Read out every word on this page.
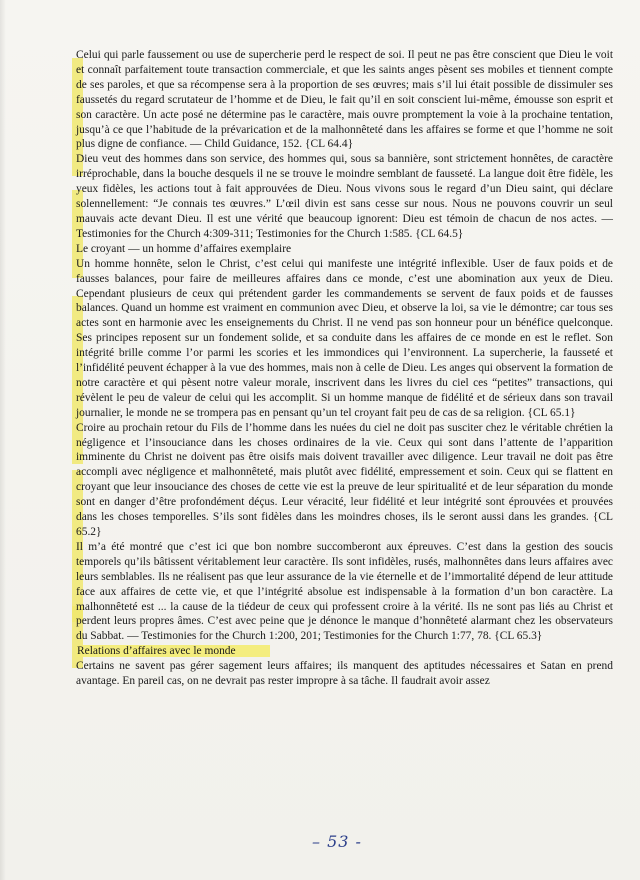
Celui qui parle faussement ou use de supercherie perd le respect de soi. Il peut ne pas être conscient que Dieu le voit et connaît parfaitement toute transaction commerciale, et que les saints anges pèsent ses mobiles et tiennent compte de ses paroles, et que sa récompense sera à la proportion de ses œuvres; mais s’il lui était possible de dissimuler ses faussetés du regard scrutateur de l’homme et de Dieu, le fait qu’il en soit conscient lui-même, émousse son esprit et son caractère. Un acte posé ne détermine pas le caractère, mais ouvre promptement la voie à la prochaine tentation, jusqu’à ce que l’habitude de la prévarication et de la malhonnêteté dans les affaires se forme et que l’homme ne soit plus digne de confiance. — Child Guidance, 152. {CL 64.4}

Dieu veut des hommes dans son service, des hommes qui, sous sa bannière, sont strictement honnêtes, de caractère irréprochable, dans la bouche desquels il ne se trouve le moindre semblant de fausseté. La langue doit être fidèle, les yeux fidèles, les actions tout à fait approuvées de Dieu. Nous vivons sous le regard d’un Dieu saint, qui déclare solennellement: “Je connais tes œuvres.” L’œil divin est sans cesse sur nous. Nous ne pouvons couvrir un seul mauvais acte devant Dieu. Il est une vérité que beaucoup ignorent: Dieu est témoin de chacun de nos actes. — Testimonies for the Church 4:309-311; Testimonies for the Church 1:585. {CL 64.5}

Le croyant — un homme d’affaires exemplaire

Un homme honnête, selon le Christ, c’est celui qui manifeste une intégrité inflexible. User de faux poids et de fausses balances, pour faire de meilleures affaires dans ce monde, c’est une abomination aux yeux de Dieu. Cependant plusieurs de ceux qui prétendent garder les commandements se servent de faux poids et de fausses balances. Quand un homme est vraiment en communion avec Dieu, et observe la loi, sa vie le démontre; car tous ses actes sont en harmonie avec les enseignements du Christ. Il ne vend pas son honneur pour un bénéfice quelconque. Ses principes reposent sur un fondement solide, et sa conduite dans les affaires de ce monde en est le reflet. Son intégrité brille comme l’or parmi les scories et les immondices qui l’environnent. La supercherie, la fausseté et l’infidélité peuvent échapper à la vue des hommes, mais non à celle de Dieu. Les anges qui observent la formation de notre caractère et qui pèsent notre valeur morale, inscrivent dans les livres du ciel ces “petites” transactions, qui révèlent le peu de valeur de celui qui les accomplit. Si un homme manque de fidélité et de sérieux dans son travail journalier, le monde ne se trompera pas en pensant qu’un tel croyant fait peu de cas de sa religion. {CL 65.1}

Croire au prochain retour du Fils de l’homme dans les nuées du ciel ne doit pas susciter chez le véritable chrétien la négligence et l’insouciance dans les choses ordinaires de la vie. Ceux qui sont dans l’attente de l’apparition imminente du Christ ne doivent pas être oisifs mais doivent travailler avec diligence. Leur travail ne doit pas être accompli avec négligence et malhonnêteté, mais plutôt avec fidélité, empressement et soin. Ceux qui se flattent en croyant que leur insouciance des choses de cette vie est la preuve de leur spiritualité et de leur séparation du monde sont en danger d’être profondément déçus. Leur véracité, leur fidélité et leur intégrité sont éprouvées et prouvées dans les choses temporelles. S’ils sont fidèles dans les moindres choses, ils le seront aussi dans les grandes. {CL 65.2}

Il m’a été montré que c’est ici que bon nombre succomberont aux épreuves. C’est dans la gestion des soucis temporels qu’ils bâtissent véritablement leur caractère. Ils sont infidèles, rusés, malhonnêtes dans leurs affaires avec leurs semblables. Ils ne réalisent pas que leur assurance de la vie éternelle et de l’immortalité dépend de leur attitude face aux affaires de cette vie, et que l’intégrité absolue est indispensable à la formation d’un bon caractère. La malhonnêteté est ... la cause de la tiédeur de ceux qui professent croire à la vérité. Ils ne sont pas liés au Christ et perdent leurs propres âmes. C’est avec peine que je dénonce le manque d’honnêteté alarmant chez les observateurs du Sabbat. — Testimonies for the Church 1:200, 201; Testimonies for the Church 1:77, 78. {CL 65.3}

Relations d’affaires avec le monde

Certains ne savent pas gérer sagement leurs affaires; ils manquent des aptitudes nécessaires et Satan en prend avantage. En pareil cas, on ne devrait pas rester impropre à sa tâche. Il faudrait avoir assez

– 53 -
